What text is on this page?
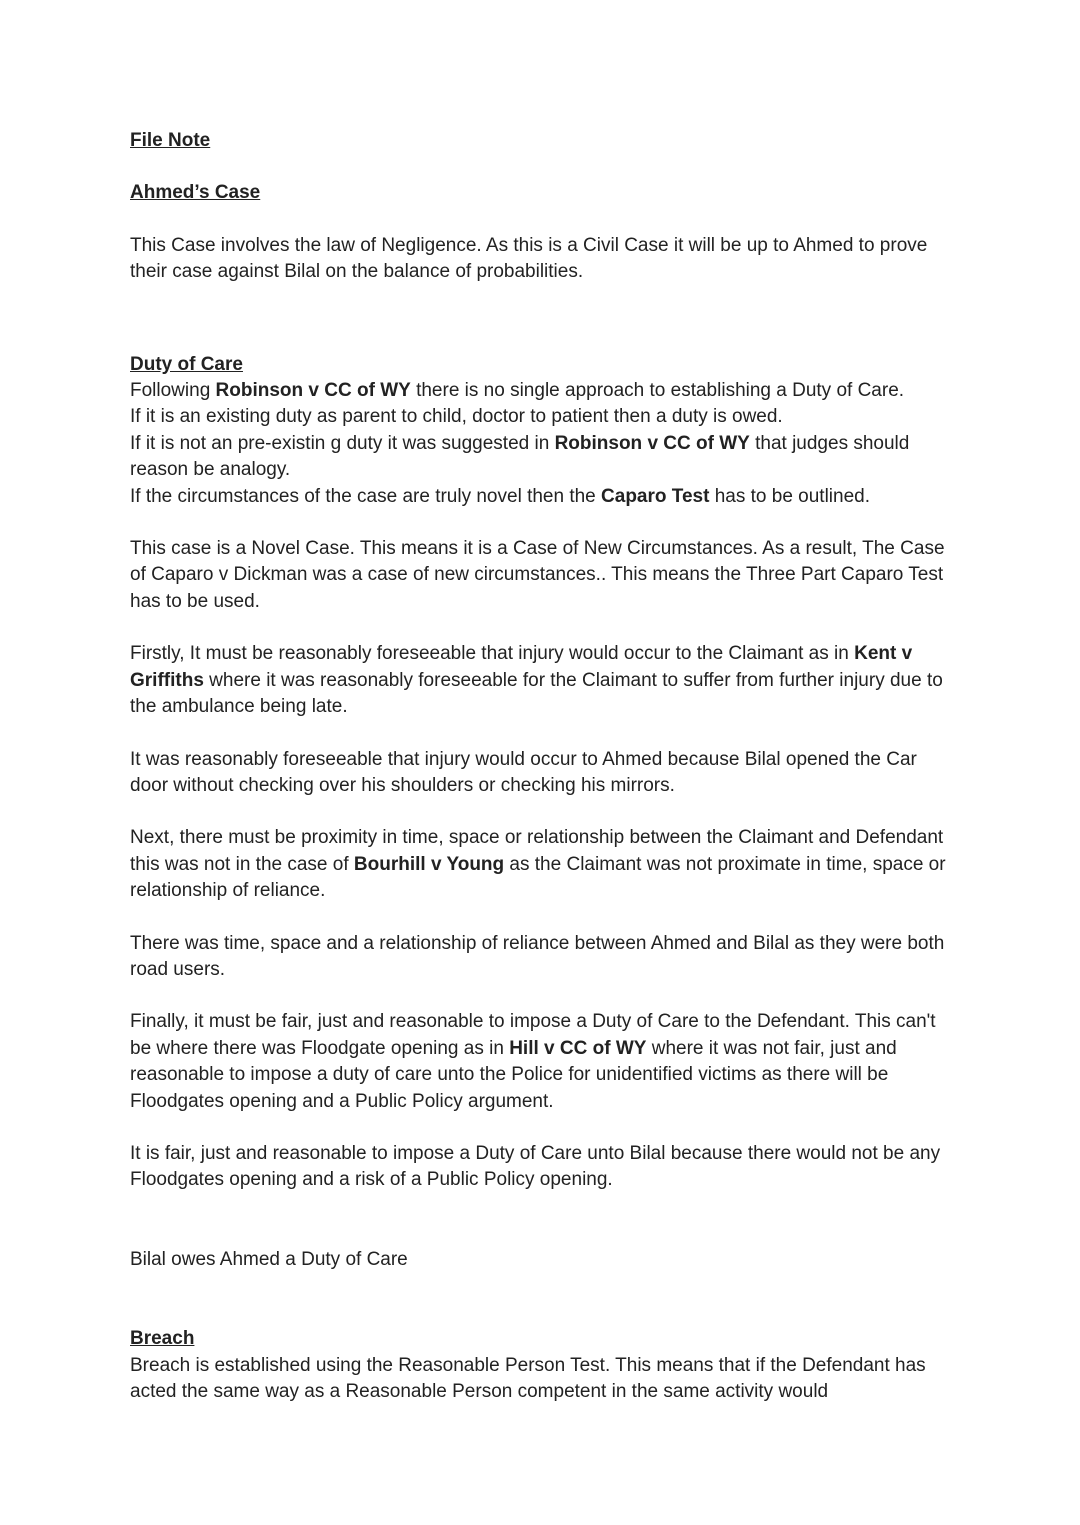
File Note

Ahmed’s Case

This Case involves the law of Negligence. As this is a Civil Case it will be up to Ahmed to prove their case against Bilal on the balance of probabilities.

Duty of Care

Following Robinson v CC of WY there is no single approach to establishing a Duty of Care.

If it is an existing duty as parent to child, doctor to patient then a duty is owed.

If it is not an pre-existin g duty it was suggested in Robinson v CC of WY that judges should reason be analogy.

If the circumstances of the case are truly novel then the Caparo Test has to be outlined.

This case is a Novel Case. This means it is a Case of New Circumstances. As a result, The Case of Caparo v Dickman was a case of new circumstances.. This means the Three Part Caparo Test has to be used.

Firstly, It must be reasonably foreseeable that injury would occur to the Claimant as in Kent v Griffiths where it was reasonably foreseeable for the Claimant to suffer from further injury due to the ambulance being late.

It was reasonably foreseeable that injury would occur to Ahmed because Bilal opened the Car door without checking over his shoulders or checking his mirrors.

Next, there must be proximity in time, space or relationship between the Claimant and Defendant this was not in the case of Bourhill v Young as the Claimant was not proximate in time, space or relationship of reliance.

There was time, space and a relationship of reliance between Ahmed and Bilal as they were both road users.

Finally, it must be fair, just and reasonable to impose a Duty of Care to the Defendant. This can't be where there was Floodgate opening as in Hill v CC of WY where it was not fair, just and reasonable to impose a duty of care unto the Police for unidentified victims as there will be Floodgates opening and a Public Policy argument.

It is fair, just and reasonable to impose a Duty of Care unto Bilal because there would not be any Floodgates opening and a risk of a Public Policy opening.

Bilal owes Ahmed a Duty of Care

Breach

Breach is established using the Reasonable Person Test. This means that if the Defendant has acted the same way as a Reasonable Person competent in the same activity would
